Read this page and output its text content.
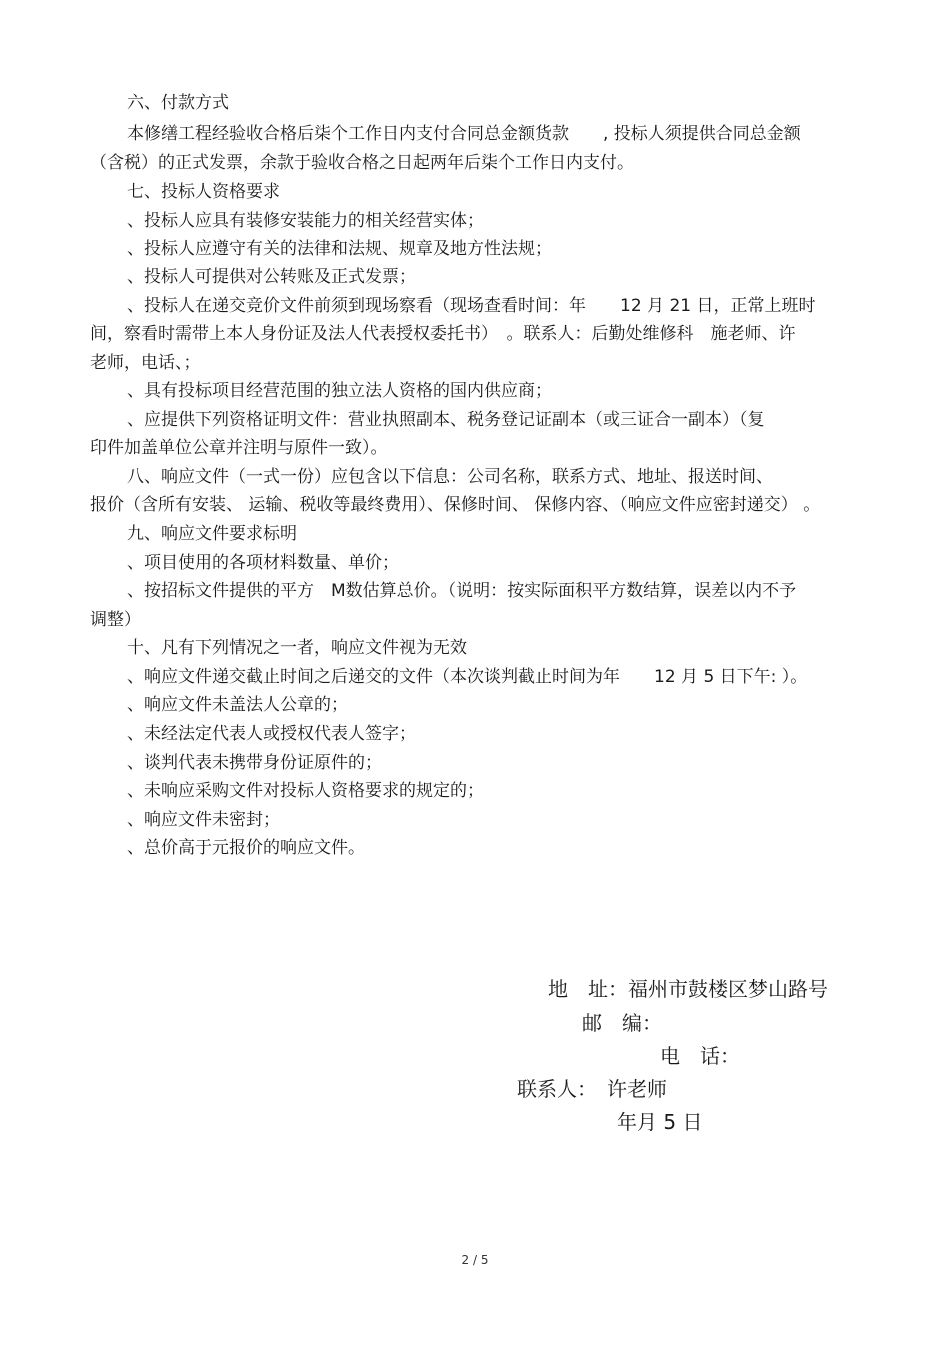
六、付款方式
本修缮工程经验收合格后柒个工作日内支付合同总金额货款　　, 投标人须提供合同总金额
（含税）的正式发票，余款于验收合格之日起两年后柒个工作日内支付。
七、投标人资格要求
、投标人应具有装修安装能力的相关经营实体；
、投标人应遵守有关的法律和法规、规章及地方性法规；
、投标人可提供对公转账及正式发票；
、投标人在递交竞价文件前须到现场察看（现场查看时间：年　　12 月 21 日，正常上班时
间，察看时需带上本人身份证及法人代表授权委托书）　。联系人：后勤处维修科　施老师、许
老师，电话、；
、具有投标项目经营范围的独立法人资格的国内供应商；
、应提供下列资格证明文件：营业执照副本、税务登记证副本（或三证合一副本）（复
印件加盖单位公章并注明与原件一致）。
八、响应文件（一式一份）应包含以下信息：公司名称，联系方式、地址、报送时间、
报价（含所有安装、 运输、税收等最终费用）、保修时间、 保修内容、（响应文件应密封递交） 。
九、响应文件要求标明
、项目使用的各项材料数量、单价；
、按招标文件提供的平方　M数估算总价。（说明：按实际面积平方数结算，误差以内不予
调整）
十、凡有下列情况之一者，响应文件视为无效
、响应文件递交截止时间之后递交的文件（本次谈判截止时间为年　　12 月 5 日下午: ）。
、响应文件未盖法人公章的；
、未经法定代表人或授权代表人签字；
、谈判代表未携带身份证原件的；
、未响应采购文件对投标人资格要求的规定的；
、响应文件未密封；
、总价高于元报价的响应文件。
地　址：福州市鼓楼区梦山路号
邮　编：
电　话：
联系人：　许老师
年月 5 日
2 / 5
